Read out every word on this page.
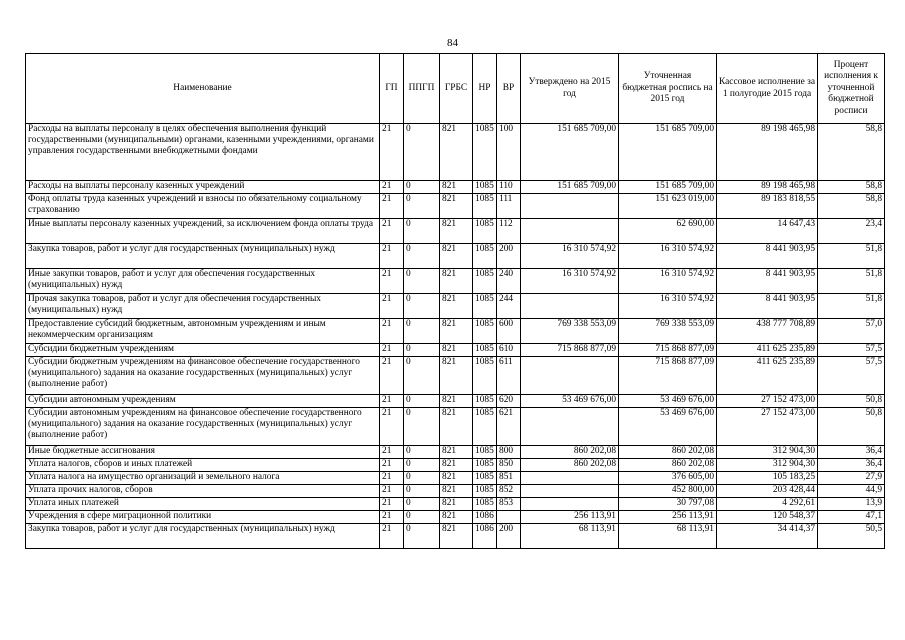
84
Наименование	ГП	ППГП	ГРБС	НР	ВР	Утверждено на 2015 год	Уточненная бюджетная роспись на 2015 год	Кассовое исполнение за 1 полугодие 2015 года	Процент исполнения к уточненной бюджетной росписи
Расходы на выплаты персоналу в целях обеспечения выполнения функций государственными (муниципальными) органами, казенными учреждениями, органами управления государственными внебюджетными фондами	21	0	821	1085	100	151 685 709,00	151 685 709,00	89 198 465,98	58,8
Расходы на выплаты персоналу казенных учреждений	21	0	821	1085	110	151 685 709,00	151 685 709,00	89 198 465,98	58,8
Фонд оплаты труда казенных учреждений и взносы по обязательному социальному страхованию	21	0	821	1085	111		151 623 019,00	89 183 818,55	58,8
Иные выплаты персоналу казенных учреждений, за исключением фонда оплаты труда	21	0	821	1085	112		62 690,00	14 647,43	23,4
Закупка товаров, работ и услуг для государственных (муниципальных) нужд	21	0	821	1085	200	16 310 574,92	16 310 574,92	8 441 903,95	51,8
Иные закупки товаров, работ и услуг для обеспечения государственных (муниципальных) нужд	21	0	821	1085	240	16 310 574,92	16 310 574,92	8 441 903,95	51,8
Прочая закупка товаров, работ и услуг для обеспечения государственных (муниципальных) нужд	21	0	821	1085	244		16 310 574,92	8 441 903,95	51,8
Предоставление субсидий бюджетным, автономным учреждениям и иным некоммерческим организациям	21	0	821	1085	600	769 338 553,09	769 338 553,09	438 777 708,89	57,0
Субсидии бюджетным учреждениям	21	0	821	1085	610	715 868 877,09	715 868 877,09	411 625 235,89	57,5
Субсидии бюджетным учреждениям на финансовое обеспечение государственного (муниципального) задания на оказание государственных (муниципальных) услуг (выполнение работ)	21	0	821	1085	611		715 868 877,09	411 625 235,89	57,5
Субсидии автономным учреждениям	21	0	821	1085	620	53 469 676,00	53 469 676,00	27 152 473,00	50,8
Субсидии автономным учреждениям на финансовое обеспечение государственного (муниципального) задания на оказание государственных (муниципальных) услуг (выполнение работ)	21	0	821	1085	621		53 469 676,00	27 152 473,00	50,8
Иные бюджетные ассигнования	21	0	821	1085	800	860 202,08	860 202,08	312 904,30	36,4
Уплата налогов, сборов и иных платежей	21	0	821	1085	850	860 202,08	860 202,08	312 904,30	36,4
Уплата налога на имущество организаций и земельного налога	21	0	821	1085	851		376 605,00	105 183,25	27,9
Уплата прочих налогов, сборов	21	0	821	1085	852		452 800,00	203 428,44	44,9
Уплата иных платежей	21	0	821	1085	853		30 797,08	4 292,61	13,9
Учреждения в сфере миграционной политики	21	0	821	1086		256 113,91	256 113,91	120 548,37	47,1
Закупка товаров, работ и услуг для государственных (муниципальных) нужд	21	0	821	1086	200	68 113,91	68 113,91	34 414,37	50,5
